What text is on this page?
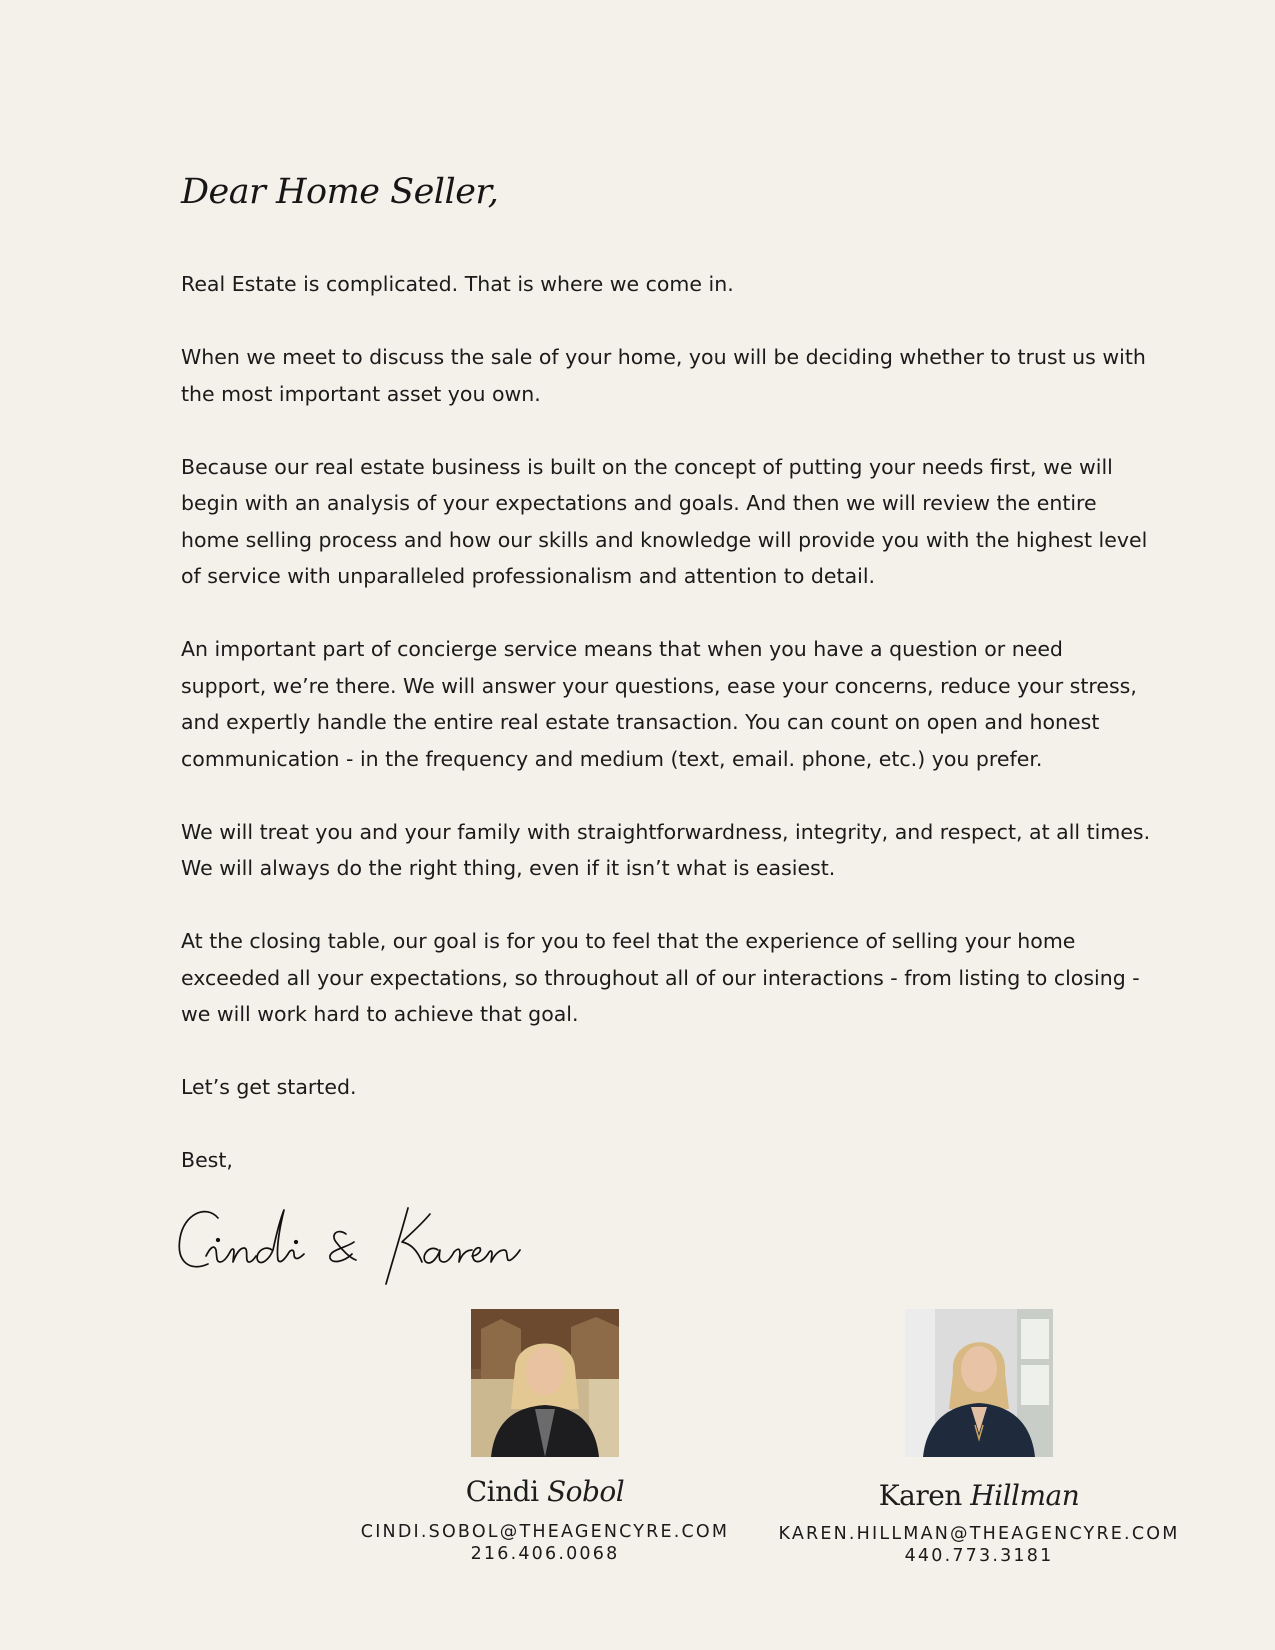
Dear Home Seller,

Real Estate is complicated. That is where we come in.

When we meet to discuss the sale of your home, you will be deciding whether to trust us with the most important asset you own.

Because our real estate business is built on the concept of putting your needs first, we will begin with an analysis of your expectations and goals. And then we will review the entire home selling process and how our skills and knowledge will provide you with the highest level of service with unparalleled professionalism and attention to detail.

An important part of concierge service means that when you have a question or need support, we’re there. We will answer your questions, ease your concerns, reduce your stress, and expertly handle the entire real estate transaction. You can count on open and honest communication - in the frequency and medium (text, email. phone, etc.) you prefer.

We will treat you and your family with straightforwardness, integrity, and respect, at all times. We will always do the right thing, even if it isn’t what is easiest.

At the closing table, our goal is for you to feel that the experience of selling your home exceeded all your expectations, so throughout all of our interactions - from listing to closing - we will work hard to achieve that goal.

Let’s get started.

Best,

Cindi Sobol
CINDI.SOBOL@THEAGENCYRE.COM
216.406.0068
Karen Hillman
KAREN.HILLMAN@THEAGENCYRE.COM
440.773.3181
